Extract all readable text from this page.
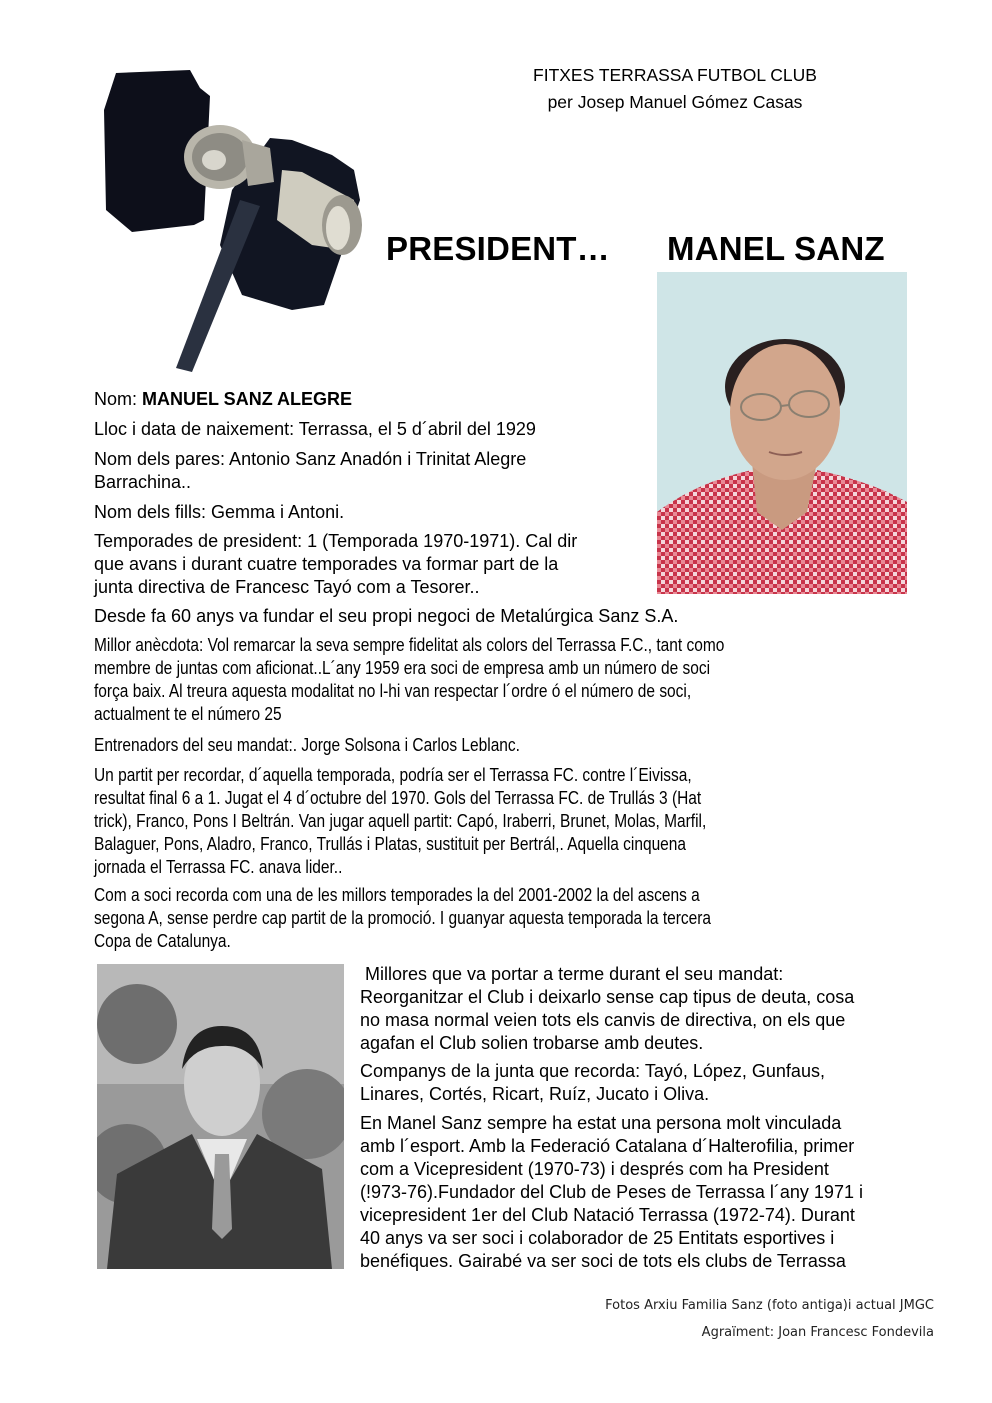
FITXES TERRASSA FUTBOL CLUB
per Josep Manuel Gómez Casas
PRESIDENT… MANEL SANZ

Nom: MANUEL SANZ ALEGRE

Lloc i data de naixement: Terrassa, el 5 d´abril del 1929

Nom dels pares: Antonio Sanz Anadón i Trinitat Alegre
Barrachina..

Nom dels fills: Gemma i Antoni.

Temporades de president: 1 (Temporada 1970-1971). Cal dir
que avans i durant cuatre temporades va formar part de la
junta directiva de Francesc Tayó com a Tesorer..

Desde fa 60 anys va fundar el seu propi negoci de Metalúrgica Sanz S.A.

Millor anècdota: Vol remarcar la seva sempre fidelitat als colors del Terrassa F.C., tant como
membre de juntas com aficionat..L´any 1959 era soci de empresa amb un número de soci
força baix. Al treura aquesta modalitat no l-hi van respectar l´ordre ó el número de soci,
actualment te el número 25
Entrenadors del seu mandat:. Jorge Solsona i Carlos Leblanc.
Un partit per recordar, d´aquella temporada, podría ser el Terrassa FC. contre l´Eivissa,
resultat final 6 a 1. Jugat el 4 d´octubre del 1970. Gols del Terrassa FC. de Trullás 3 (Hat
trick), Franco, Pons I Beltrán. Van jugar aquell partit: Capó, Iraberri, Brunet, Molas, Marfil,
Balaguer, Pons, Aladro, Franco, Trullás i Platas, sustituit per Bertrál,. Aquella cinquena
jornada el Terrassa FC. anava lider..
Com a soci recorda com una de les millors temporades la del 2001-2002 la del ascens a
segona A, sense perdre cap partit de la promoció. I guanyar aquesta temporada la tercera
Copa de Catalunya.
Millores que va portar a terme durant el seu mandat:
Reorganitzar el Club i deixarlo sense cap tipus de deuta, cosa
no masa normal veien tots els canvis de directiva, on els que
agafan el Club solien trobarse amb deutes.
Companys de la junta que recorda: Tayó, López, Gunfaus,
Linares, Cortés, Ricart, Ruíz, Jucato i Oliva.
En Manel Sanz sempre ha estat una persona molt vinculada
amb l´esport. Amb la Federació Catalana d´Halterofilia, primer
com a Vicepresident (1970-73) i després com ha President
(!973-76).Fundador del Club de Peses de Terrassa l´any 1971 i
vicepresident 1er del Club Natació Terrassa (1972-74). Durant
40 anys va ser soci i colaborador de 25 Entitats esportives i
benéfiques. Gairabé va ser soci de tots els clubs de Terrassa
Fotos Arxiu Familia Sanz (foto antiga)i actual JMGC
Agraïment: Joan Francesc Fondevila
